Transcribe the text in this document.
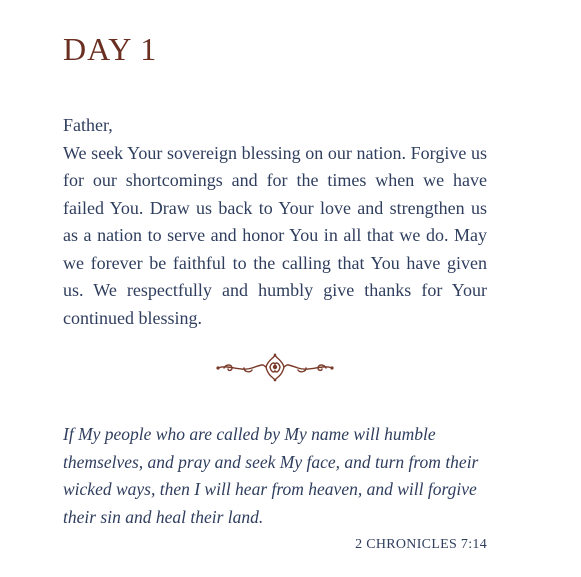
DAY 1

Father,

We seek Your sovereign blessing on our nation. Forgive us for our shortcomings and for the times when we have failed You. Draw us back to Your love and strengthen us as a nation to serve and honor You in all that we do. May we forever be faithful to the calling that You have given us. We respectfully and humbly give thanks for Your continued blessing.

If My people who are called by My name will humble themselves, and pray and seek My face, and turn from their wicked ways, then I will hear from heaven, and will forgive their sin and heal their land.

2 CHRONICLES 7:14
